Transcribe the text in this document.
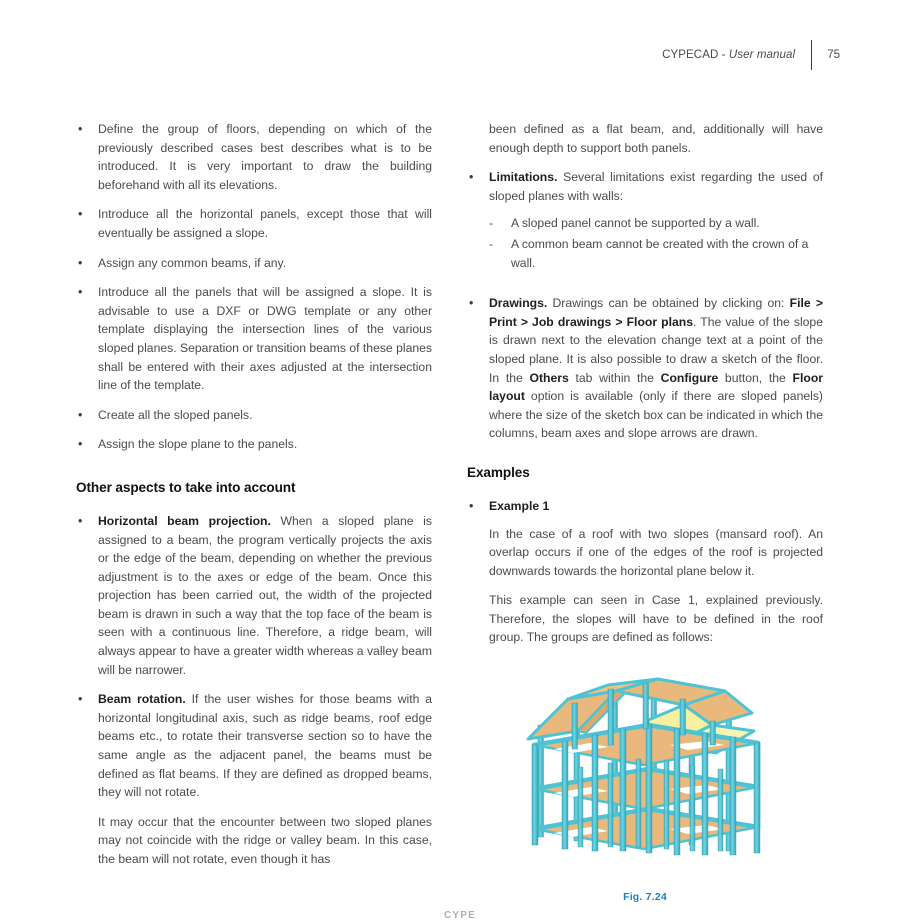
CYPECAD - User manual	75
•	Define the group of floors, depending on which of the previously described cases best describes what is to be introduced. It is very important to draw the building beforehand with all its elevations.
•	Introduce all the horizontal panels, except those that will eventually be assigned a slope.
•	Assign any common beams, if any.
•	Introduce all the panels that will be assigned a slope. It is advisable to use a DXF or DWG template or any other template displaying the intersection lines of the various sloped planes. Separation or transition beams of these planes shall be entered with their axes adjusted at the intersection line of the template.
•	Create all the sloped panels.
•	Assign the slope plane to the panels.
Other aspects to take into account
•	Horizontal beam projection. When a sloped plane is assigned to a beam, the program vertically projects the axis or the edge of the beam, depending on whether the previous adjustment is to the axes or edge of the beam. Once this projection has been carried out, the width of the projected beam is drawn in such a way that the top face of the beam is seen with a continuous line. Therefore, a ridge beam, will always appear to have a greater width whereas a valley beam will be narrower.
•	Beam rotation. If the user wishes for those beams with a horizontal longitudinal axis, such as ridge beams, roof edge beams etc., to rotate their transverse section so to have the same angle as the adjacent panel, the beams must be defined as flat beams. If they are defined as dropped beams, they will not rotate.
It may occur that the encounter between two sloped planes may not coincide with the ridge or valley beam. In this case, the beam will not rotate, even though it has
been defined as a flat beam, and, additionally will have enough depth to support both panels.
•	Limitations. Several limitations exist regarding the used of sloped planes with walls:
-	A sloped panel cannot be supported by a wall.
-	A common beam cannot be created with the crown of a wall.
•	Drawings. Drawings can be obtained by clicking on: File > Print > Job drawings > Floor plans. The value of the slope is drawn next to the elevation change text at a point of the sloped plane. It is also possible to draw a sketch of the floor. In the Others tab within the Configure button, the Floor layout option is available (only if there are sloped panels) where the size of the sketch box can be indicated in which the columns, beam axes and slope arrows are drawn.
Examples
•	Example 1
In the case of a roof with two slopes (mansard roof). An overlap occurs if one of the edges of the roof is projected downwards towards the horizontal plane below it.
This example can seen in Case 1, explained previously. Therefore, the slopes will have to be defined in the roof group. The groups are defined as follows:
Fig. 7.24
CYPE
